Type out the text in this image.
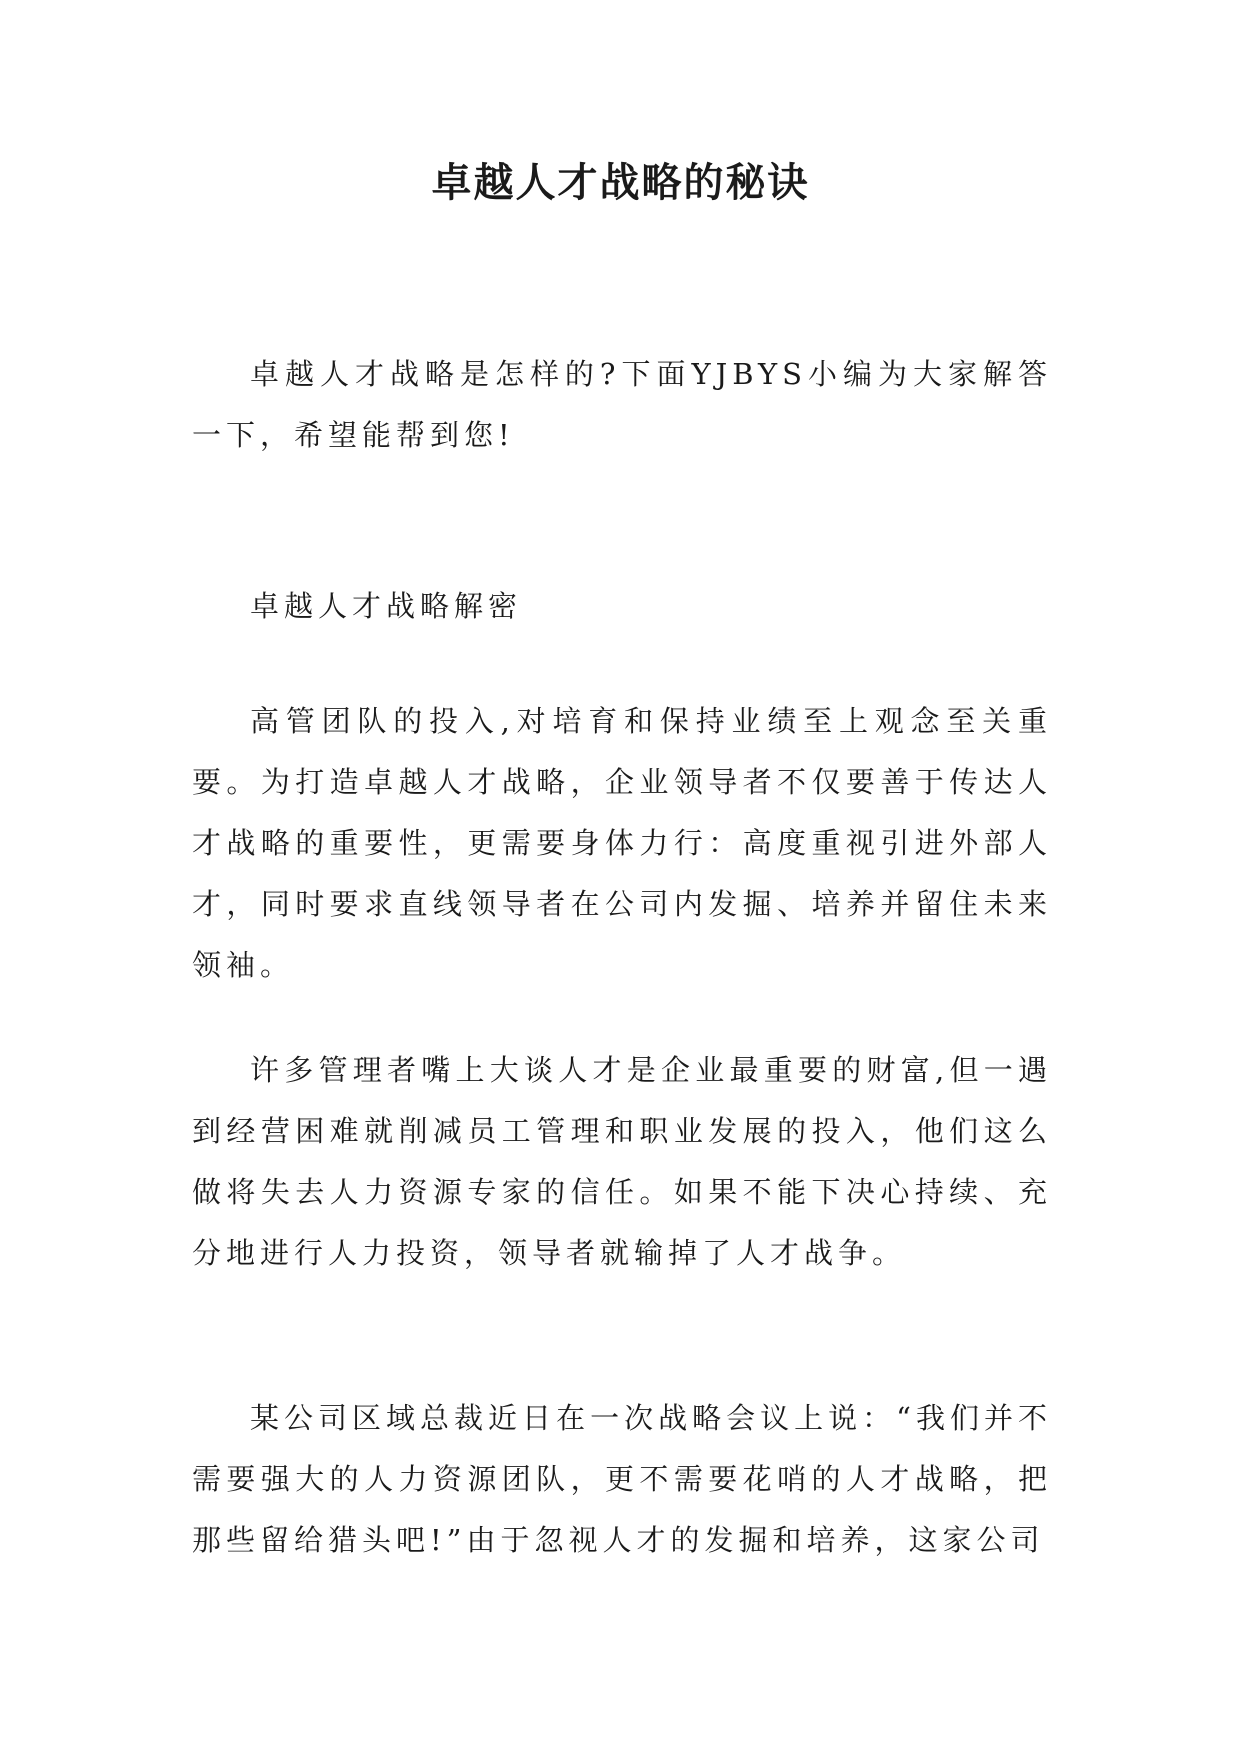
卓越人才战略的秘诀

卓越人才战略是怎样的?下面YJBYS小编为大家解答一下，希望能帮到您!

卓越人才战略解密

高管团队的投入,对培育和保持业绩至上观念至关重要。为打造卓越人才战略，企业领导者不仅要善于传达人才战略的重要性，更需要身体力行：高度重视引进外部人才，同时要求直线领导者在公司内发掘、培养并留住未来领袖。

许多管理者嘴上大谈人才是企业最重要的财富,但一遇到经营困难就削减员工管理和职业发展的投入，他们这么做将失去人力资源专家的信任。如果不能下决心持续、充分地进行人力投资，领导者就输掉了人才战争。

某公司区域总裁近日在一次战略会议上说：“我们并不需要强大的人力资源团队，更不需要花哨的人才战略，把那些留给猎头吧!”由于忽视人才的发掘和培养，这家公司
